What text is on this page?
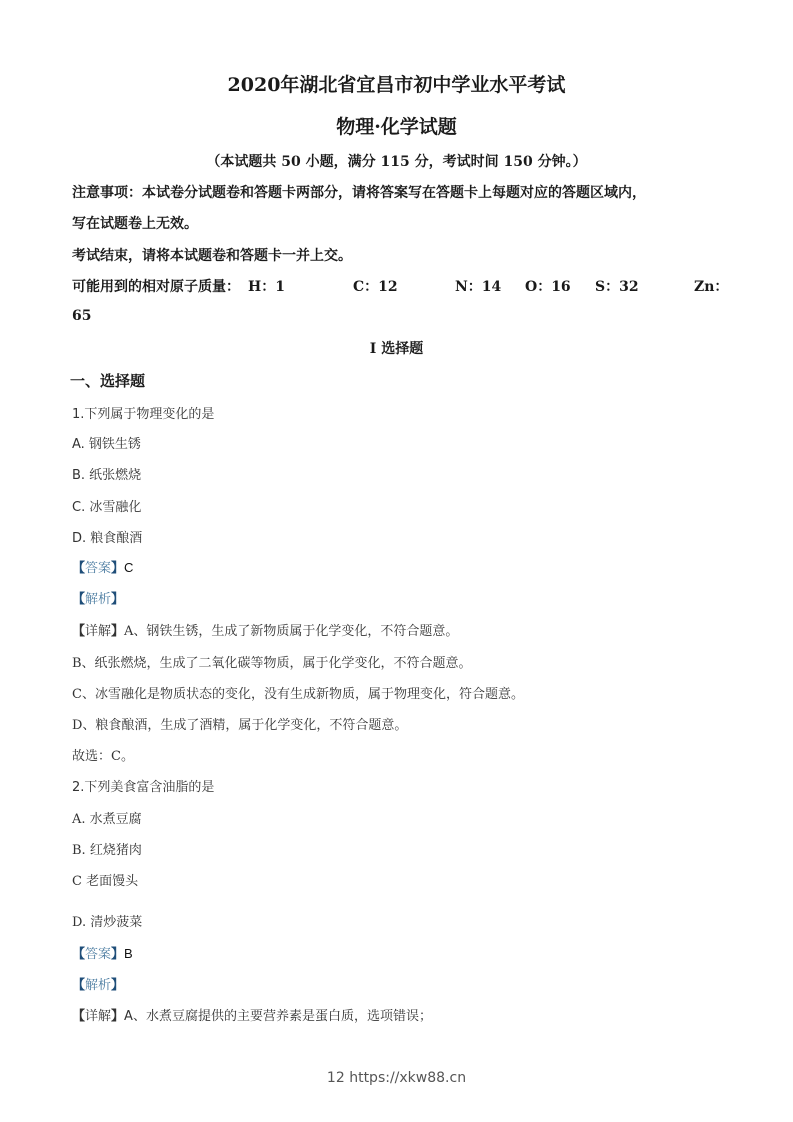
2020年湖北省宜昌市初中学业水平考试
物理·化学试题
（本试题共 50 小题，满分 115 分，考试时间 150 分钟。）
注意事项：本试卷分试题卷和答题卡两部分，请将答案写在答题卡上每题对应的答题区域内，
写在试题卷上无效。
考试结束，请将本试题卷和答题卡一并上交。
可能用到的相对原子质量： H：1	C：12	N：14 O：16 S：32	Zn：
65
I 选择题
一、选择题
1.下列属于物理变化的是
A. 钢铁生锈
B. 纸张燃烧
C. 冰雪融化
D. 粮食酿酒
【答案】C
【解析】
【详解】A、钢铁生锈，生成了新物质属于化学变化，不符合题意。
B、纸张燃烧，生成了二氧化碳等物质，属于化学变化，不符合题意。
C、冰雪融化是物质状态的变化，没有生成新物质，属于物理变化，符合题意。
D、粮食酿酒，生成了酒精，属于化学变化，不符合题意。
故选：C。
2.下列美食富含油脂的是
A. 水煮豆腐
B. 红烧猪肉
C 老面馒头
D. 清炒菠菜
【答案】B
【解析】
【详解】A、水煮豆腐提供的主要营养素是蛋白质，选项错误；
12 https://xkw88.cn
